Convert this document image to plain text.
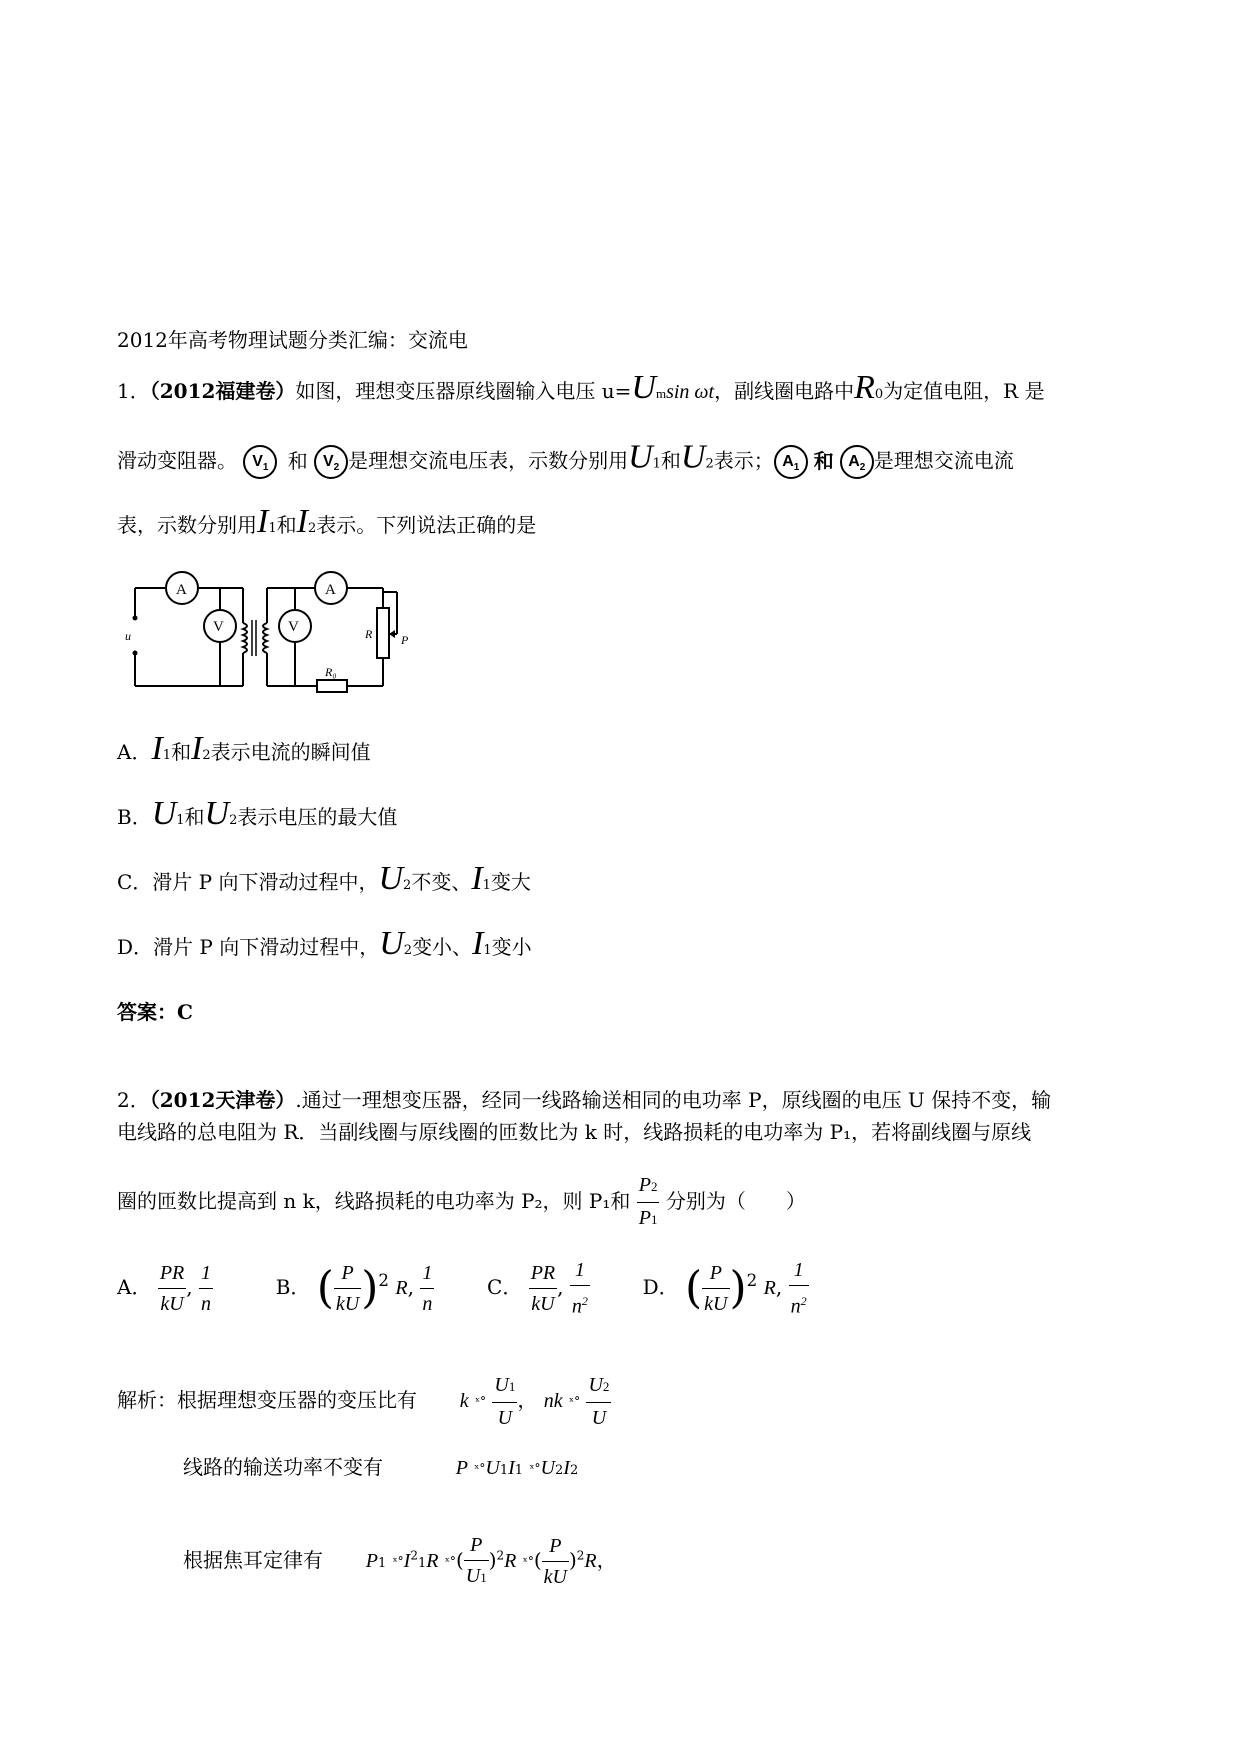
2012年高考物理试题分类汇编：交流电
1．（2012福建卷）如图，理想变压器原线圈输入电压 u=Umsin ωt，副线圈电路中R0为定值电阻，R 是
滑动变阻器。 $V_1$ 和 $V_2$ 是理想交流电压表，示数分别用U1和U2表示； $A_1$ 和 $A_2$ 是理想交流电流
表，示数分别用I1和I2表示。下列说法正确的是
A
V
A
V
u	R P
R₀
A．I1和I2表示电流的瞬间值
B．U1和U2表示电压的最大值
C．滑片 P 向下滑动过程中，U2不变、I1变大
D．滑片 P 向下滑动过程中，U2变小、I1变小
答案：C
2．（2012天津卷）.通过一理想变压器，经同一线路输送相同的电功率 P，原线圈的电压 U 保持不变，输
电线路的总电阻为 R．当副线圈与原线圈的匝数比为 k 时，线路损耗的电功率为 P₁，若将副线圈与原线
圈的匝数比提高到 n k，线路损耗的电功率为 P₂，则 P₁和 $\frac{P2}{P1}$ 分别为（　　）
A． $\frac{PR}{kU}$ , $\frac{1}{n}$	B． ( $\frac{P}{kU} )^2$ R, $\frac{1}{n}$	C． $\frac{PR}{kU}$ , $\frac{1}{n^2}$	D． ( $\frac{P}{kU} )^2$ R, $\frac{1}{n^2}$
解析：根据理想变压器的变压比有 k ˣ° $\frac{U1}{U}$ ， nk ˣ° $\frac{U2}{U}$
线路的输送功率不变有	P ˣ°U1I1 ˣ°U2I2
根据焦耳定律有 P1 $ˣ^\circ I^21R$ ˣ°( $\frac{P}{U1} )^2R$ ˣ°( $\frac{P}{kU} )^2R$，
